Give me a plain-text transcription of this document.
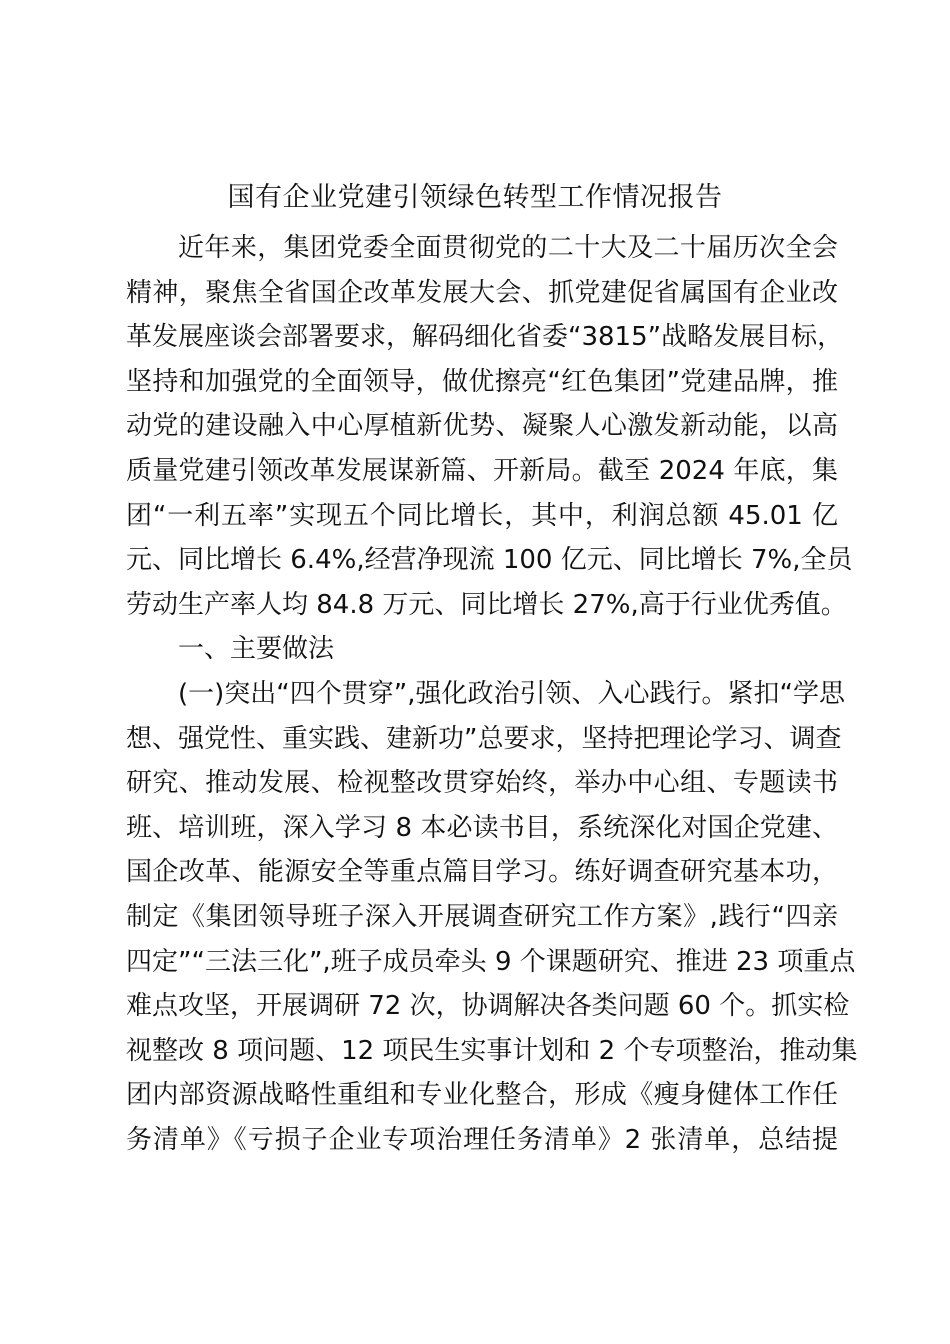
国有企业党建引领绿色转型工作情况报告
近年来，集团党委全面贯彻党的二十大及二十届历次全会
精神，聚焦全省国企改革发展大会、抓党建促省属国有企业改
革发展座谈会部署要求，解码细化省委“3815”战略发展目标，
坚持和加强党的全面领导，做优擦亮“红色集团”党建品牌，推
动党的建设融入中心厚植新优势、凝聚人心激发新动能，以高
质量党建引领改革发展谋新篇、开新局。截至 2024 年底，集
团“一利五率”实现五个同比增长，其中，利润总额 45.01 亿
元、同比增长 6.4%,经营净现流 100 亿元、同比增长 7%,全员
劳动生产率人均 84.8 万元、同比增长 27%,高于行业优秀值。
一、主要做法
(一)突出“四个贯穿”,强化政治引领、入心践行。紧扣“学思
想、强党性、重实践、建新功”总要求，坚持把理论学习、调查
研究、推动发展、检视整改贯穿始终，举办中心组、专题读书
班、培训班，深入学习 8 本必读书目，系统深化对国企党建、
国企改革、能源安全等重点篇目学习。练好调查研究基本功，
制定《集团领导班子深入开展调查研究工作方案》,践行“四亲
四定”“三法三化”,班子成员牵头 9 个课题研究、推进 23 项重点
难点攻坚，开展调研 72 次，协调解决各类问题 60 个。抓实检
视整改 8 项问题、12 项民生实事计划和 2 个专项整治，推动集
团内部资源战略性重组和专业化整合，形成《瘦身健体工作任
务清单》《亏损子企业专项治理任务清单》2 张清单，总结提
